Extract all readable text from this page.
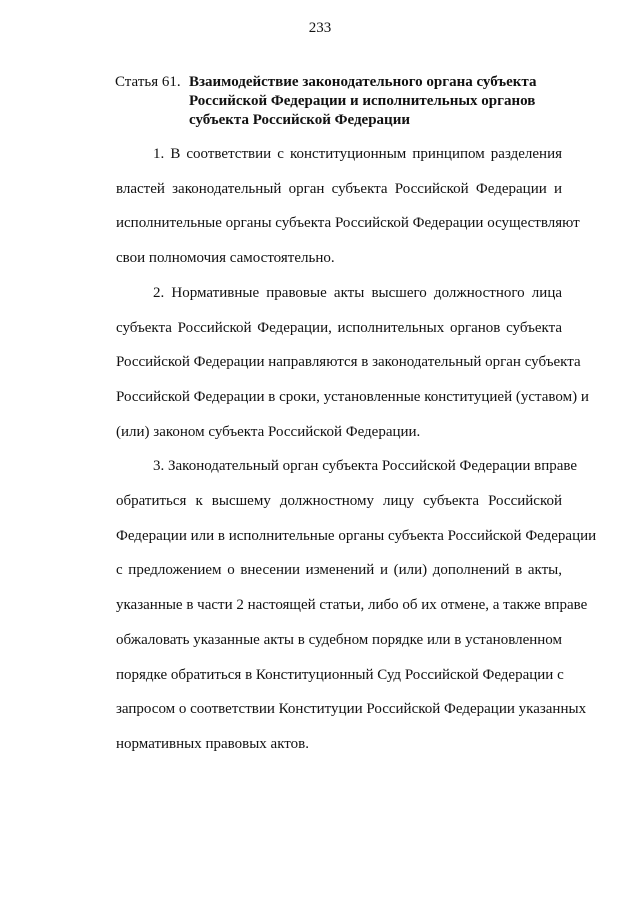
233
Статья 61. Взаимодействие законодательного органа субъекта
Российской Федерации и исполнительных органов
субъекта Российской Федерации

1. В соответствии с конституционным принципом разделения
властей законодательный орган субъекта Российской Федерации и
исполнительные органы субъекта Российской Федерации осуществляют
свои полномочия самостоятельно.

2. Нормативные правовые акты высшего должностного лица
субъекта Российской Федерации, исполнительных органов субъекта
Российской Федерации направляются в законодательный орган субъекта
Российской Федерации в сроки, установленные конституцией (уставом) и
(или) законом субъекта Российской Федерации.

3. Законодательный орган субъекта Российской Федерации вправе
обратиться к высшему должностному лицу субъекта Российской
Федерации или в исполнительные органы субъекта Российской Федерации
с предложением о внесении изменений и (или) дополнений в акты,
указанные в части 2 настоящей статьи, либо об их отмене, а также вправе
обжаловать указанные акты в судебном порядке или в установленном
порядке обратиться в Конституционный Суд Российской Федерации с
запросом о соответствии Конституции Российской Федерации указанных
нормативных правовых актов.
